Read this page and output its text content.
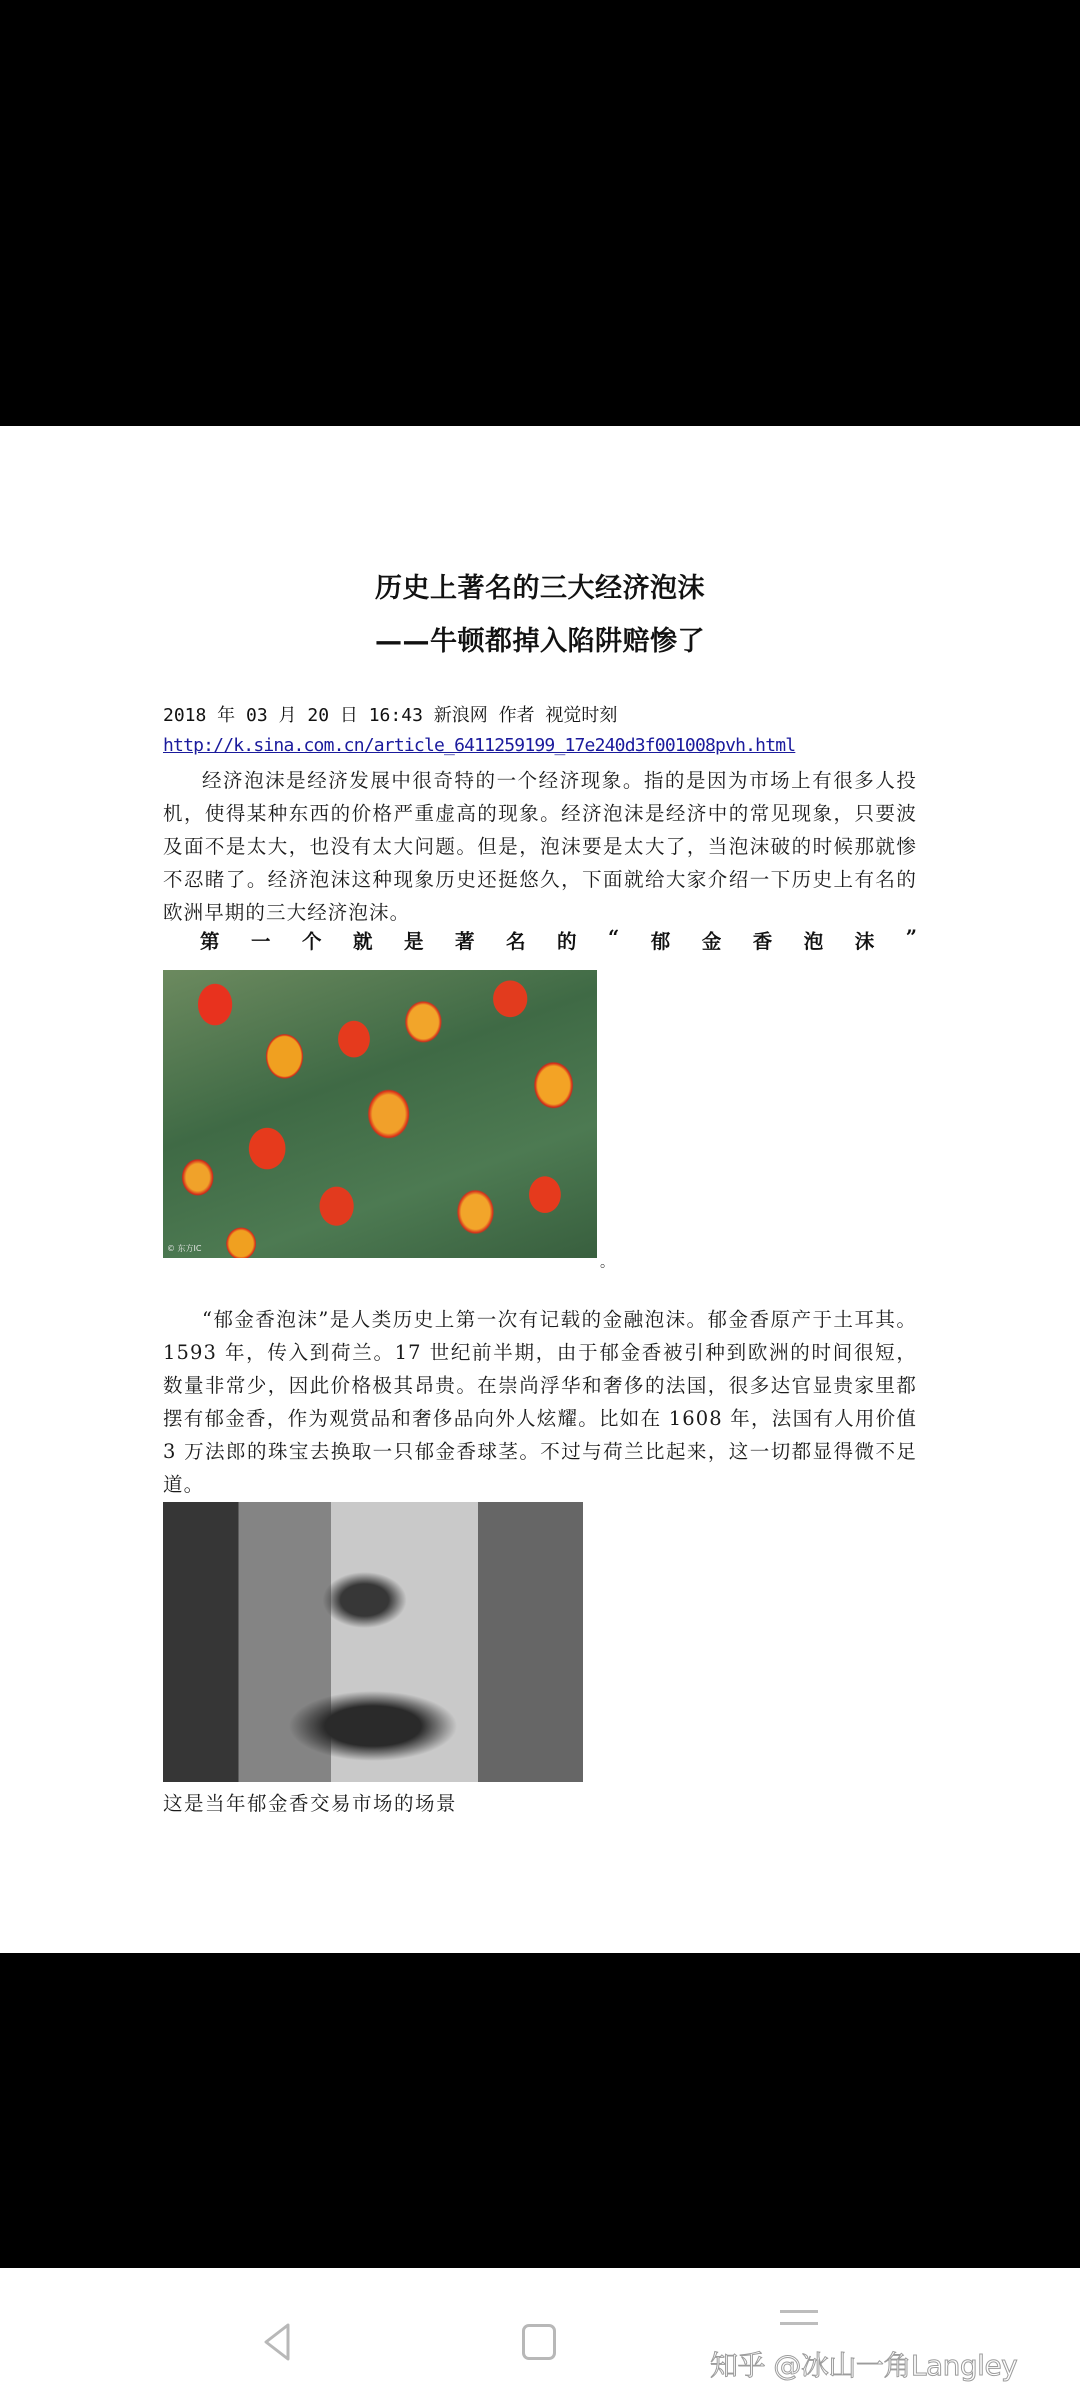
历史上著名的三大经济泡沫
——牛顿都掉入陷阱赔惨了
2018 年 03 月 20 日 16:43 新浪网 作者 视觉时刻
http://k.sina.com.cn/article_6411259199_17e240d3f001008pvh.html
经济泡沫是经济发展中很奇特的一个经济现象。指的是因为市场上有很多人投机，使得某种东西的价格严重虚高的现象。经济泡沫是经济中的常见现象，只要波及面不是太大，也没有太大问题。但是，泡沫要是太大了，当泡沫破的时候那就惨不忍睹了。经济泡沫这种现象历史还挺悠久，下面就给大家介绍一下历史上有名的欧洲早期的三大经济泡沫。
第 一 个 就 是 著 名 的 “ 郁 金 香 泡 沫 ”
© 东方IC
。
“郁金香泡沫”是人类历史上第一次有记载的金融泡沫。郁金香原产于土耳其。1593 年，传入到荷兰。17 世纪前半期，由于郁金香被引种到欧洲的时间很短，数量非常少，因此价格极其昂贵。在崇尚浮华和奢侈的法国，很多达官显贵家里都摆有郁金香，作为观赏品和奢侈品向外人炫耀。比如在 1608 年，法国有人用价值 3 万法郎的珠宝去换取一只郁金香球茎。不过与荷兰比起来，这一切都显得微不足道。
这是当年郁金香交易市场的场景
知乎 @冰山一角Langley
